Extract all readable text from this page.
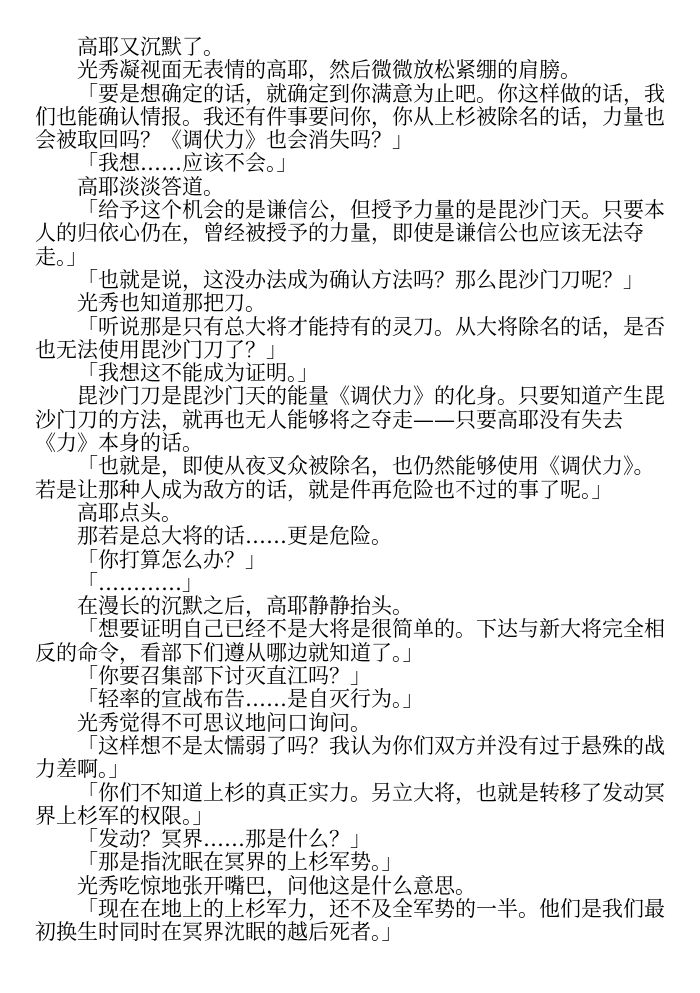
高耶又沉默了。

光秀凝视面无表情的高耶，然后微微放松紧绷的肩膀。

「要是想确定的话，就确定到你满意为止吧。你这样做的话，我们也能确认情报。我还有件事要问你，你从上杉被除名的话，力量也会被取回吗？《调伏力》也会消失吗？」

「我想……应该不会。」

高耶淡淡答道。

「给予这个机会的是谦信公，但授予力量的是毘沙门天。只要本人的归依心仍在，曾经被授予的力量，即使是谦信公也应该无法夺走。」

「也就是说，这没办法成为确认方法吗？那么毘沙门刀呢？」

光秀也知道那把刀。

「听说那是只有总大将才能持有的灵刀。从大将除名的话，是否也无法使用毘沙门刀了？」

「我想这不能成为证明。」

毘沙门刀是毘沙门天的能量《调伏力》的化身。只要知道产生毘沙门刀的方法，就再也无人能够将之夺走——只要高耶没有失去《力》本身的话。

「也就是，即使从夜叉众被除名，也仍然能够使用《调伏力》。若是让那种人成为敌方的话，就是件再危险也不过的事了呢。」

高耶点头。

那若是总大将的话……更是危险。

「你打算怎么办？」

「…………」

在漫长的沉默之后，高耶静静抬头。

「想要证明自己已经不是大将是很简单的。下达与新大将完全相反的命令，看部下们遵从哪边就知道了。」

「你要召集部下讨灭直江吗？」

「轻率的宣战布告……是自灭行为。」

光秀觉得不可思议地问口询问。

「这样想不是太懦弱了吗？我认为你们双方并没有过于悬殊的战力差啊。」

「你们不知道上杉的真正实力。另立大将，也就是转移了发动冥界上杉军的权限。」

「发动？冥界……那是什么？」

「那是指沈眠在冥界的上杉军势。」

光秀吃惊地张开嘴巴，问他这是什么意思。

「现在在地上的上杉军力，还不及全军势的一半。他们是我们最初换生时同时在冥界沈眠的越后死者。」
